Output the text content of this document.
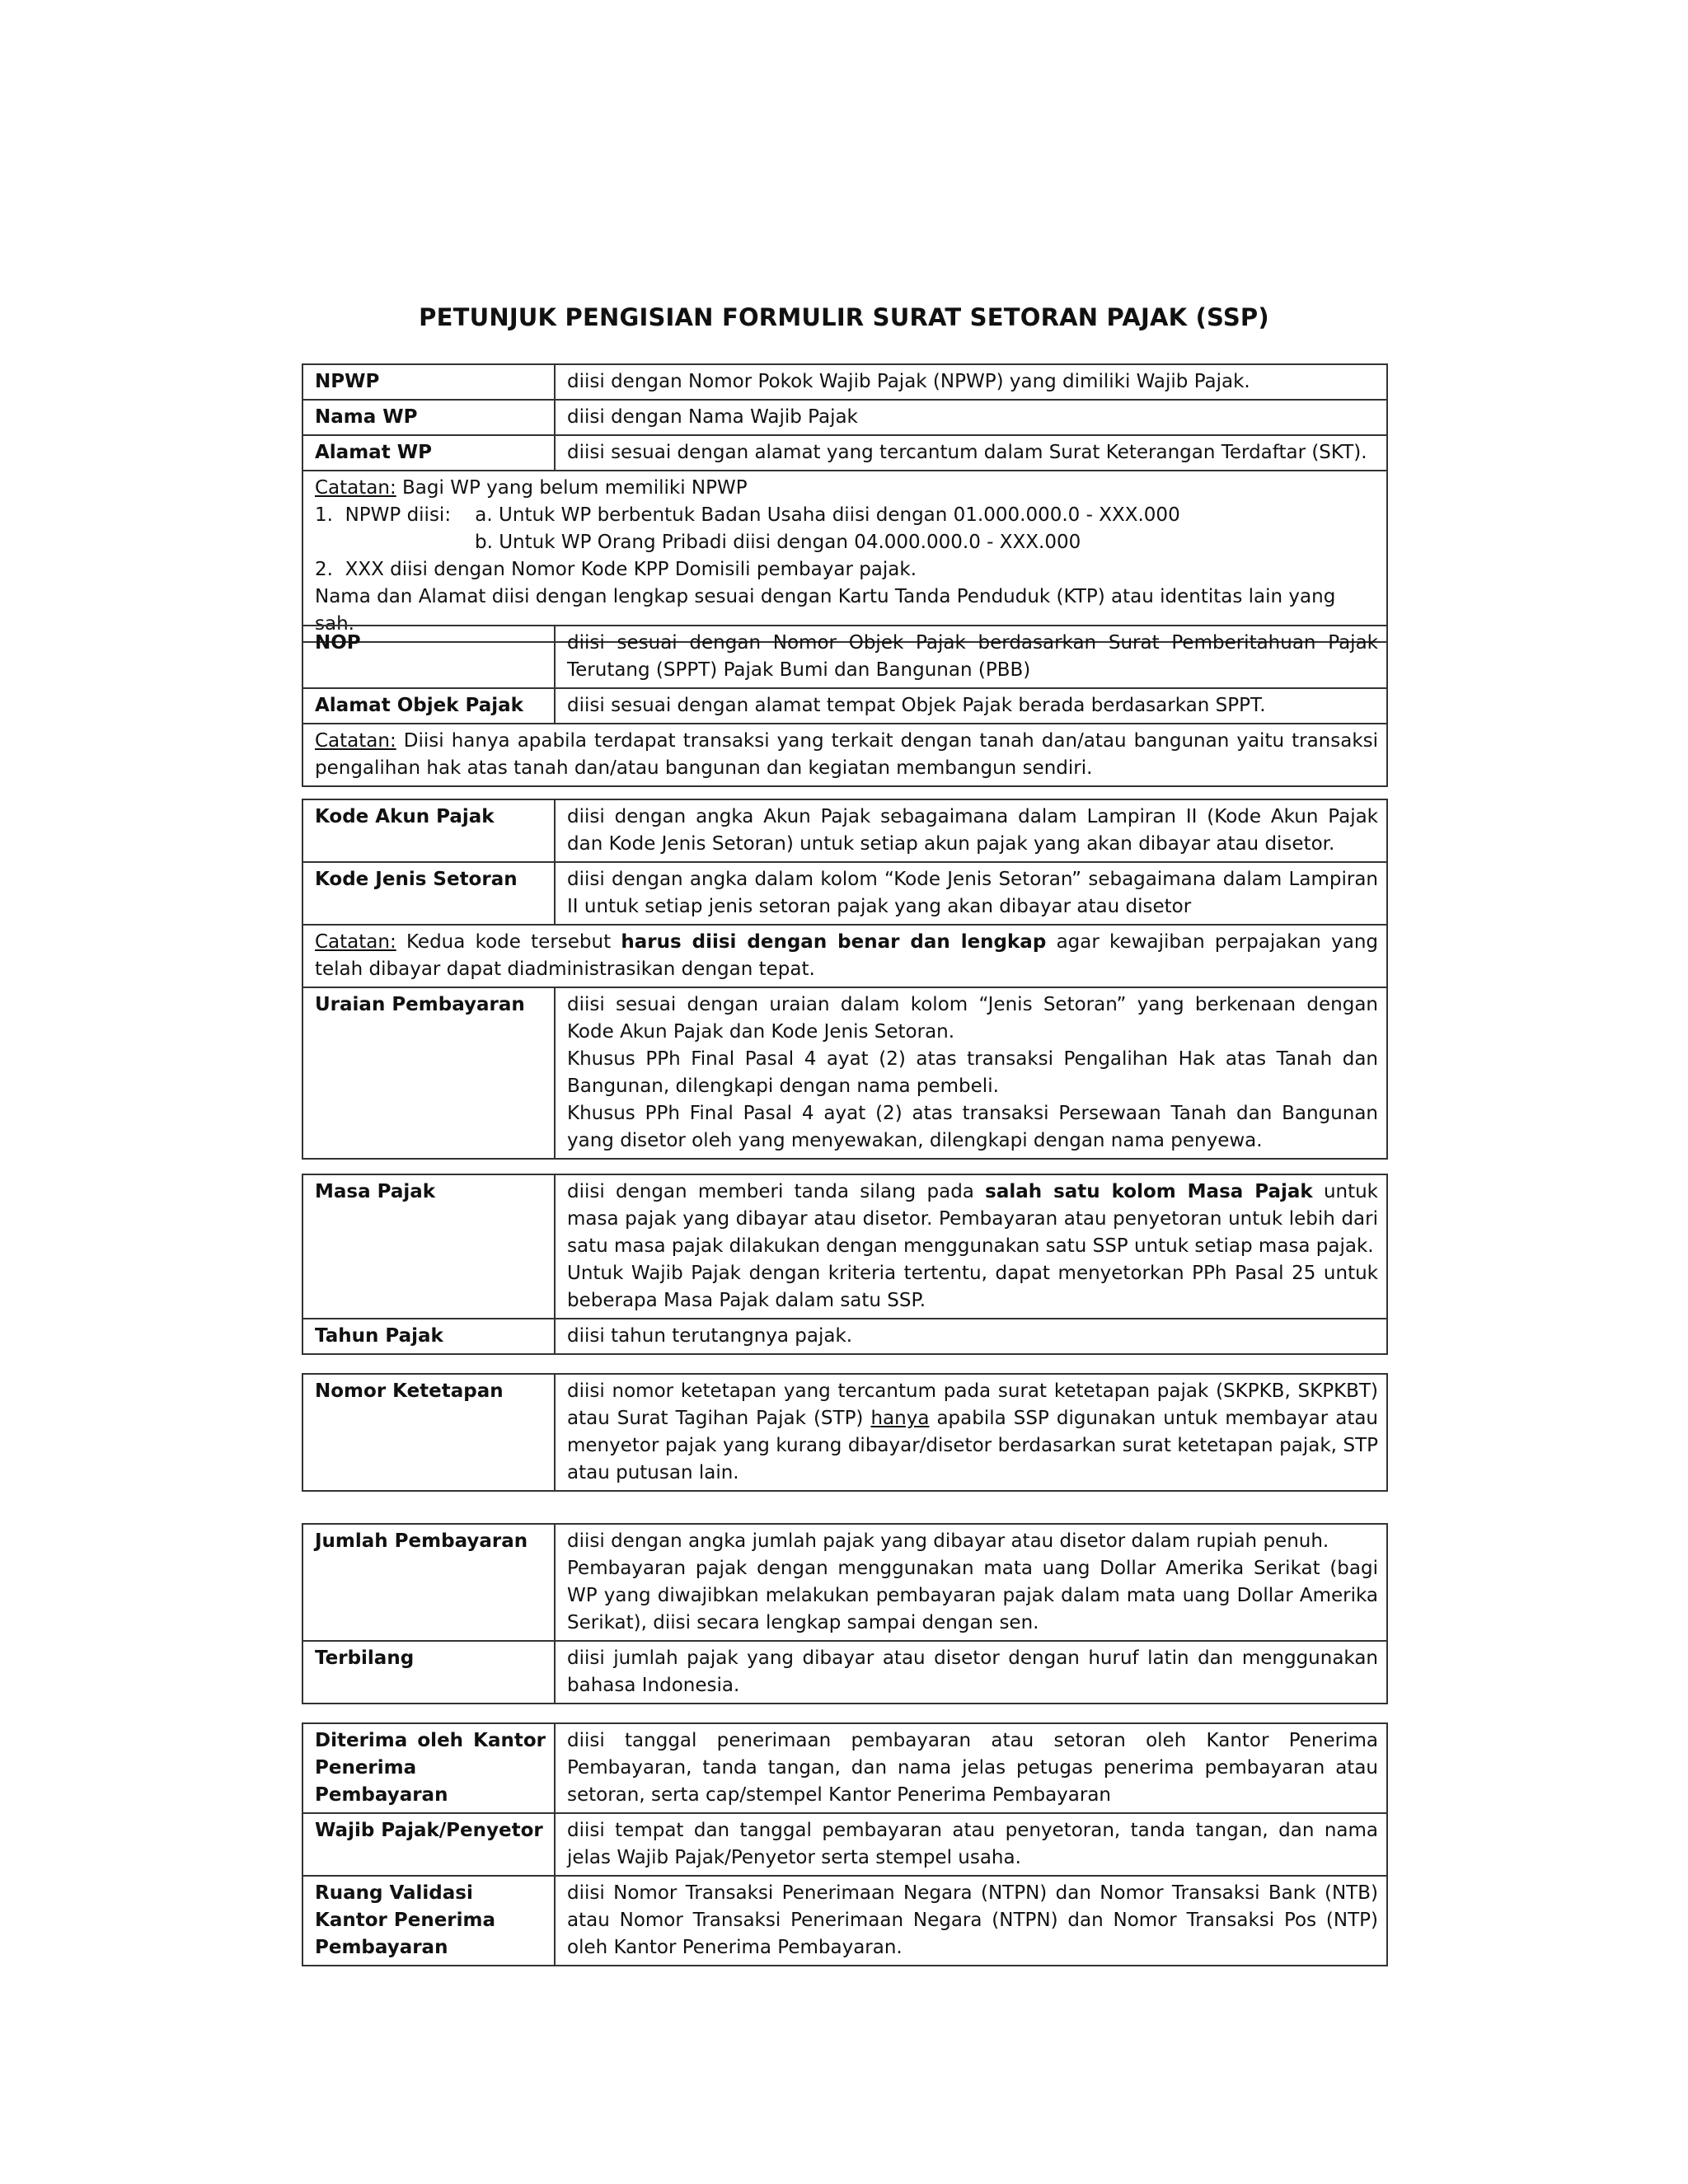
PETUNJUK PENGISIAN FORMULIR SURAT SETORAN PAJAK (SSP)
NPWP	diisi dengan Nomor Pokok Wajib Pajak (NPWP) yang dimiliki Wajib Pajak.
Nama WP	diisi dengan Nama Wajib Pajak
Alamat WP	diisi sesuai dengan alamat yang tercantum dalam Surat Keterangan Terdaftar (SKT).

Catatan: Bagi WP yang belum memiliki NPWP
1.  NPWP diisi:    a. Untuk WP berbentuk Badan Usaha diisi dengan 01.000.000.0 - XXX.000
b. Untuk WP Orang Pribadi diisi dengan 04.000.000.0 - XXX.000
2.  XXX diisi dengan Nomor Kode KPP Domisili pembayar pajak.
Nama dan Alamat diisi dengan lengkap sesuai dengan Kartu Tanda Penduduk (KTP) atau identitas lain yang sah.	
NOP	diisi sesuai dengan Nomor Objek Pajak berdasarkan Surat Pemberitahuan Pajak Terutang (SPPT) Pajak Bumi dan Bangunan (PBB)
Alamat Objek Pajak	diisi sesuai dengan alamat tempat Objek Pajak berada berdasarkan SPPT.
Catatan: Diisi hanya apabila terdapat transaksi yang terkait dengan tanah dan/atau bangunan yaitu transaksi pengalihan hak atas tanah dan/atau bangunan dan kegiatan membangun sendiri.	
Kode Akun Pajak	diisi dengan angka Akun Pajak sebagaimana dalam Lampiran II (Kode Akun Pajak dan Kode Jenis Setoran) untuk setiap akun pajak yang akan dibayar atau disetor.
Kode Jenis Setoran	diisi dengan angka dalam kolom “Kode Jenis Setoran” sebagaimana dalam Lampiran II untuk setiap jenis setoran pajak yang akan dibayar atau disetor
Catatan: Kedua kode tersebut harus diisi dengan benar dan lengkap agar kewajiban perpajakan yang telah dibayar dapat diadministrasikan dengan tepat.	
Uraian Pembayaran	diisi sesuai dengan uraian dalam kolom “Jenis Setoran” yang berkenaan dengan Kode Akun Pajak dan Kode Jenis Setoran.
Khusus PPh Final Pasal 4 ayat (2) atas transaksi Pengalihan Hak atas Tanah dan Bangunan, dilengkapi dengan nama pembeli.
Khusus PPh Final Pasal 4 ayat (2) atas transaksi Persewaan Tanah dan Bangunan yang disetor oleh yang menyewakan, dilengkapi dengan nama penyewa.
Masa Pajak	diisi dengan memberi tanda silang pada salah satu kolom Masa Pajak untuk masa pajak yang dibayar atau disetor. Pembayaran atau penyetoran untuk lebih dari satu masa pajak dilakukan dengan menggunakan satu SSP untuk setiap masa pajak.
Untuk Wajib Pajak dengan kriteria tertentu, dapat menyetorkan PPh Pasal 25 untuk beberapa Masa Pajak dalam satu SSP.

Tahun Pajak	diisi tahun terutangnya pajak.
Nomor Ketetapan	diisi nomor ketetapan yang tercantum pada surat ketetapan pajak (SKPKB, SKPKBT) atau Surat Tagihan Pajak (STP) hanya apabila SSP digunakan untuk membayar atau menyetor pajak yang kurang dibayar/disetor berdasarkan surat ketetapan pajak, STP atau putusan lain.
Jumlah Pembayaran	diisi dengan angka jumlah pajak yang dibayar atau disetor dalam rupiah penuh.
Pembayaran pajak dengan menggunakan mata uang Dollar Amerika Serikat (bagi WP yang diwajibkan melakukan pembayaran pajak dalam mata uang Dollar Amerika Serikat), diisi secara lengkap sampai dengan sen.

Terbilang	diisi jumlah pajak yang dibayar atau disetor dengan huruf latin dan menggunakan bahasa Indonesia.
Diterima oleh Kantor Penerima Pembayaran	diisi tanggal penerimaan pembayaran atau setoran oleh Kantor Penerima Pembayaran, tanda tangan, dan nama jelas petugas penerima pembayaran atau setoran, serta cap/stempel Kantor Penerima Pembayaran
Wajib Pajak/Penyetor	diisi tempat dan tanggal pembayaran atau penyetoran, tanda tangan, dan nama jelas Wajib Pajak/Penyetor serta stempel usaha.
Ruang Validasi Kantor Penerima Pembayaran	diisi Nomor Transaksi Penerimaan Negara (NTPN) dan Nomor Transaksi Bank (NTB) atau Nomor Transaksi Penerimaan Negara (NTPN) dan Nomor Transaksi Pos (NTP) oleh Kantor Penerima Pembayaran.
